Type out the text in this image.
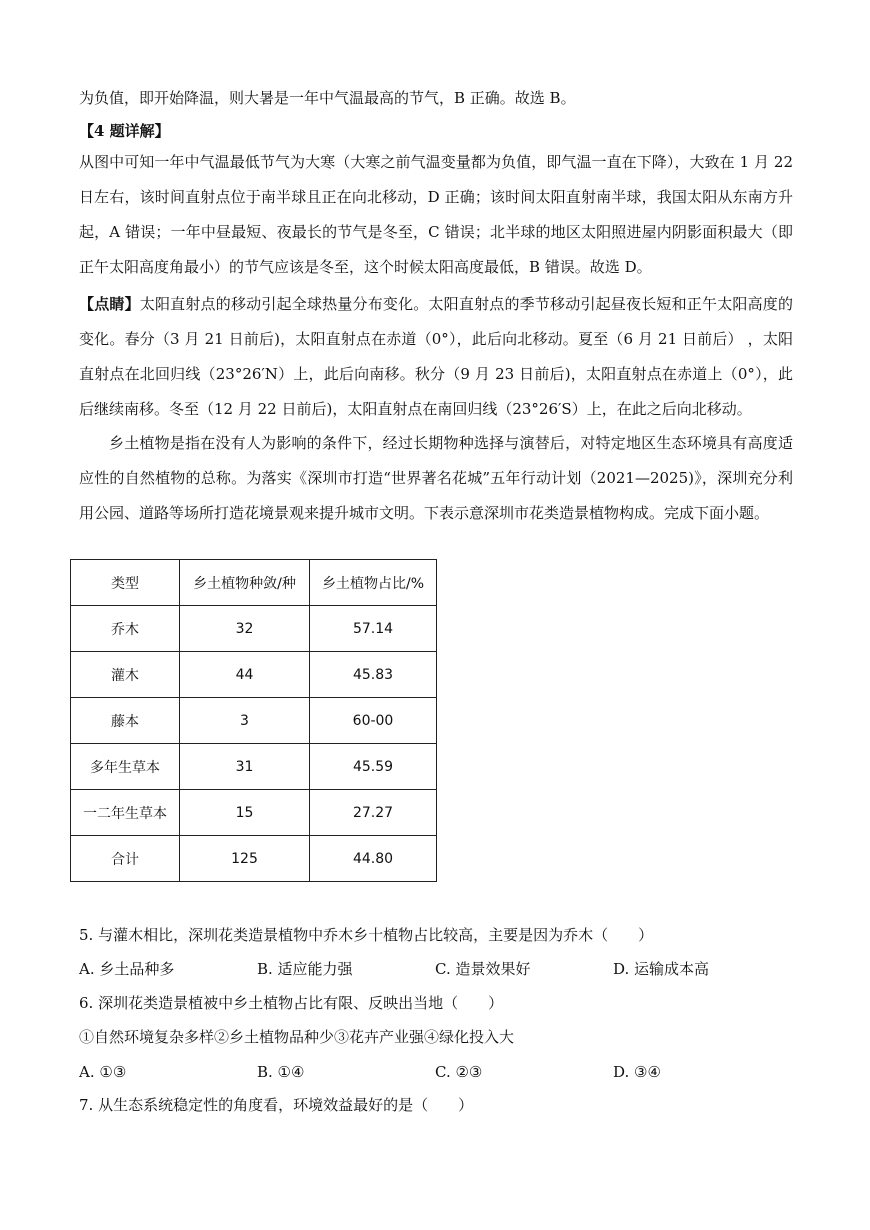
为负值，即开始降温，则大暑是一年中气温最高的节气，B 正确。故选 B。
【4 题详解】
从图中可知一年中气温最低节气为大寒（大寒之前气温变量都为负值，即气温一直在下降），大致在 1 月 22 日左右，该时间直射点位于南半球且正在向北移动，D 正确；该时间太阳直射南半球，我国太阳从东南方升起，A 错误；一年中昼最短、夜最长的节气是冬至，C 错误；北半球的地区太阳照进屋内阴影面积最大（即正午太阳高度角最小）的节气应该是冬至，这个时候太阳高度最低，B 错误。故选 D。
【点睛】太阳直射点的移动引起全球热量分布变化。太阳直射点的季节移动引起昼夜长短和正午太阳高度的变化。春分（3 月 21 日前后)，太阳直射点在赤道（0°），此后向北移动。夏至（6 月 21 日前后） ，太阳直射点在北回归线（23°26′N）上，此后向南移。秋分（9 月 23 日前后)，太阳直射点在赤道上（0°），此后继续南移。冬至（12 月 22 日前后)，太阳直射点在南回归线（23°26′S）上，在此之后向北移动。
乡土植物是指在没有人为影响的条件下，经过长期物种选择与演替后，对特定地区生态环境具有高度适应性的自然植物的总称。为落实《深圳市打造“世界著名花城”五年行动计划（2021—2025)》，深圳充分利用公园、道路等场所打造花境景观来提升城市文明。下表示意深圳市花类造景植物构成。完成下面小题。
类型	乡土植物种敛/种	乡土植物占比/%
乔木	32	57.14
灌木	44	45.83
藤本	3	60-00
多年生草本	31	45.59
一二年生草本	15	27.27
合计	125	44.80
5. 与灌木相比，深圳花类造景植物中乔木乡十植物占比较高，主要是因为乔木（　　）
A. 乡土品种多	B. 适应能力强	C. 造景效果好	D. 运输成本高
6. 深圳花类造景植被中乡土植物占比有限、反映出当地（　　）
①自然环境复杂多样②乡土植物品种少③花卉产业强④绿化投入大
A. ①③	B. ①④	C. ②③	D. ③④
7. 从生态系统稳定性的角度看，环境效益最好的是（　　）
